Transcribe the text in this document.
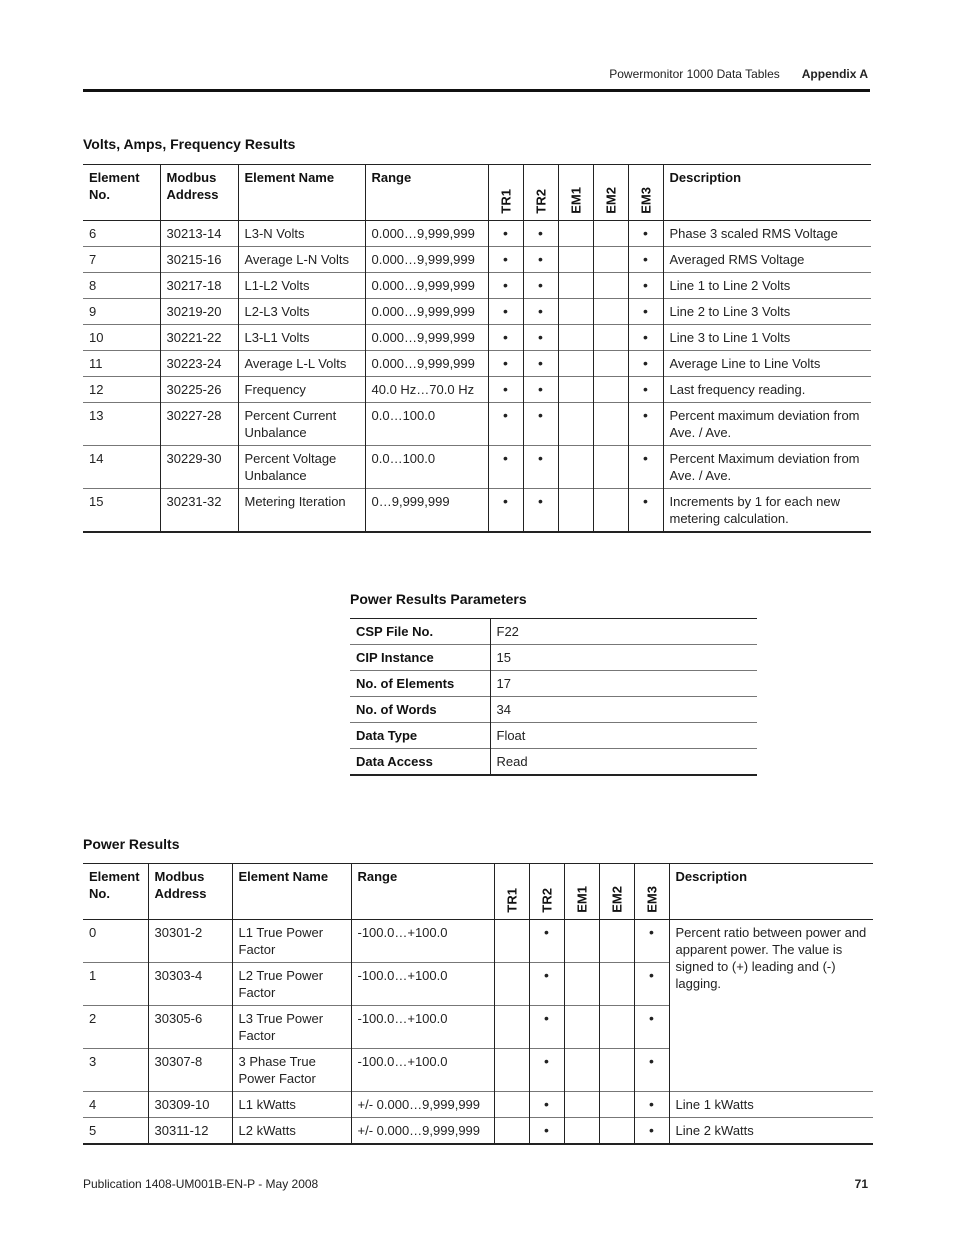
Powermonitor 1000 Data Tables Appendix A
Volts, Amps, Frequency Results
Element No.	Modbus Address	Element Name	Range	TR1	TR2	EM1	EM2	EM3	Description
6	30213-14	L3-N Volts	0.000…9,999,999	•	•			•	Phase 3 scaled RMS Voltage
7	30215-16	Average L-N Volts	0.000…9,999,999	•	•			•	Averaged RMS Voltage
8	30217-18	L1-L2 Volts	0.000…9,999,999	•	•			•	Line 1 to Line 2 Volts
9	30219-20	L2-L3 Volts	0.000…9,999,999	•	•			•	Line 2 to Line 3 Volts
10	30221-22	L3-L1 Volts	0.000…9,999,999	•	•			•	Line 3 to Line 1 Volts
11	30223-24	Average L-L Volts	0.000…9,999,999	•	•			•	Average Line to Line Volts
12	30225-26	Frequency	40.0 Hz…70.0 Hz	•	•			•	Last frequency reading.
13	30227-28	Percent Current Unbalance	0.0…100.0	•	•			•	Percent maximum deviation from Ave. / Ave.
14	30229-30	Percent Voltage Unbalance	0.0…100.0	•	•			•	Percent Maximum deviation from Ave. / Ave.
15	30231-32	Metering Iteration	0…9,999,999	•	•			•	Increments by 1 for each new metering calculation.
Power Results Parameters
CSP File No.	F22
CIP Instance	15
No. of Elements	17
No. of Words	34
Data Type	Float
Data Access	Read
Power Results
Element No.	Modbus Address	Element Name	Range	TR1	TR2	EM1	EM2	EM3	Description
0	30301-2	L1 True Power Factor	-100.0…+100.0		•			•	Percent ratio between power and apparent power. The value is signed to (+) leading and (-) lagging.
1	30303-4	L2 True Power Factor	-100.0…+100.0		•			•	
2	30305-6	L3 True Power Factor	-100.0…+100.0		•			•	
3	30307-8	3 Phase True Power Factor	-100.0…+100.0		•			•	
4	30309-10	L1 kWatts	+/- 0.000…9,999,999		•			•	Line 1 kWatts
5	30311-12	L2 kWatts	+/- 0.000…9,999,999		•			•	Line 2 kWatts
Publication 1408-UM001B-EN-P - May 2008	71
